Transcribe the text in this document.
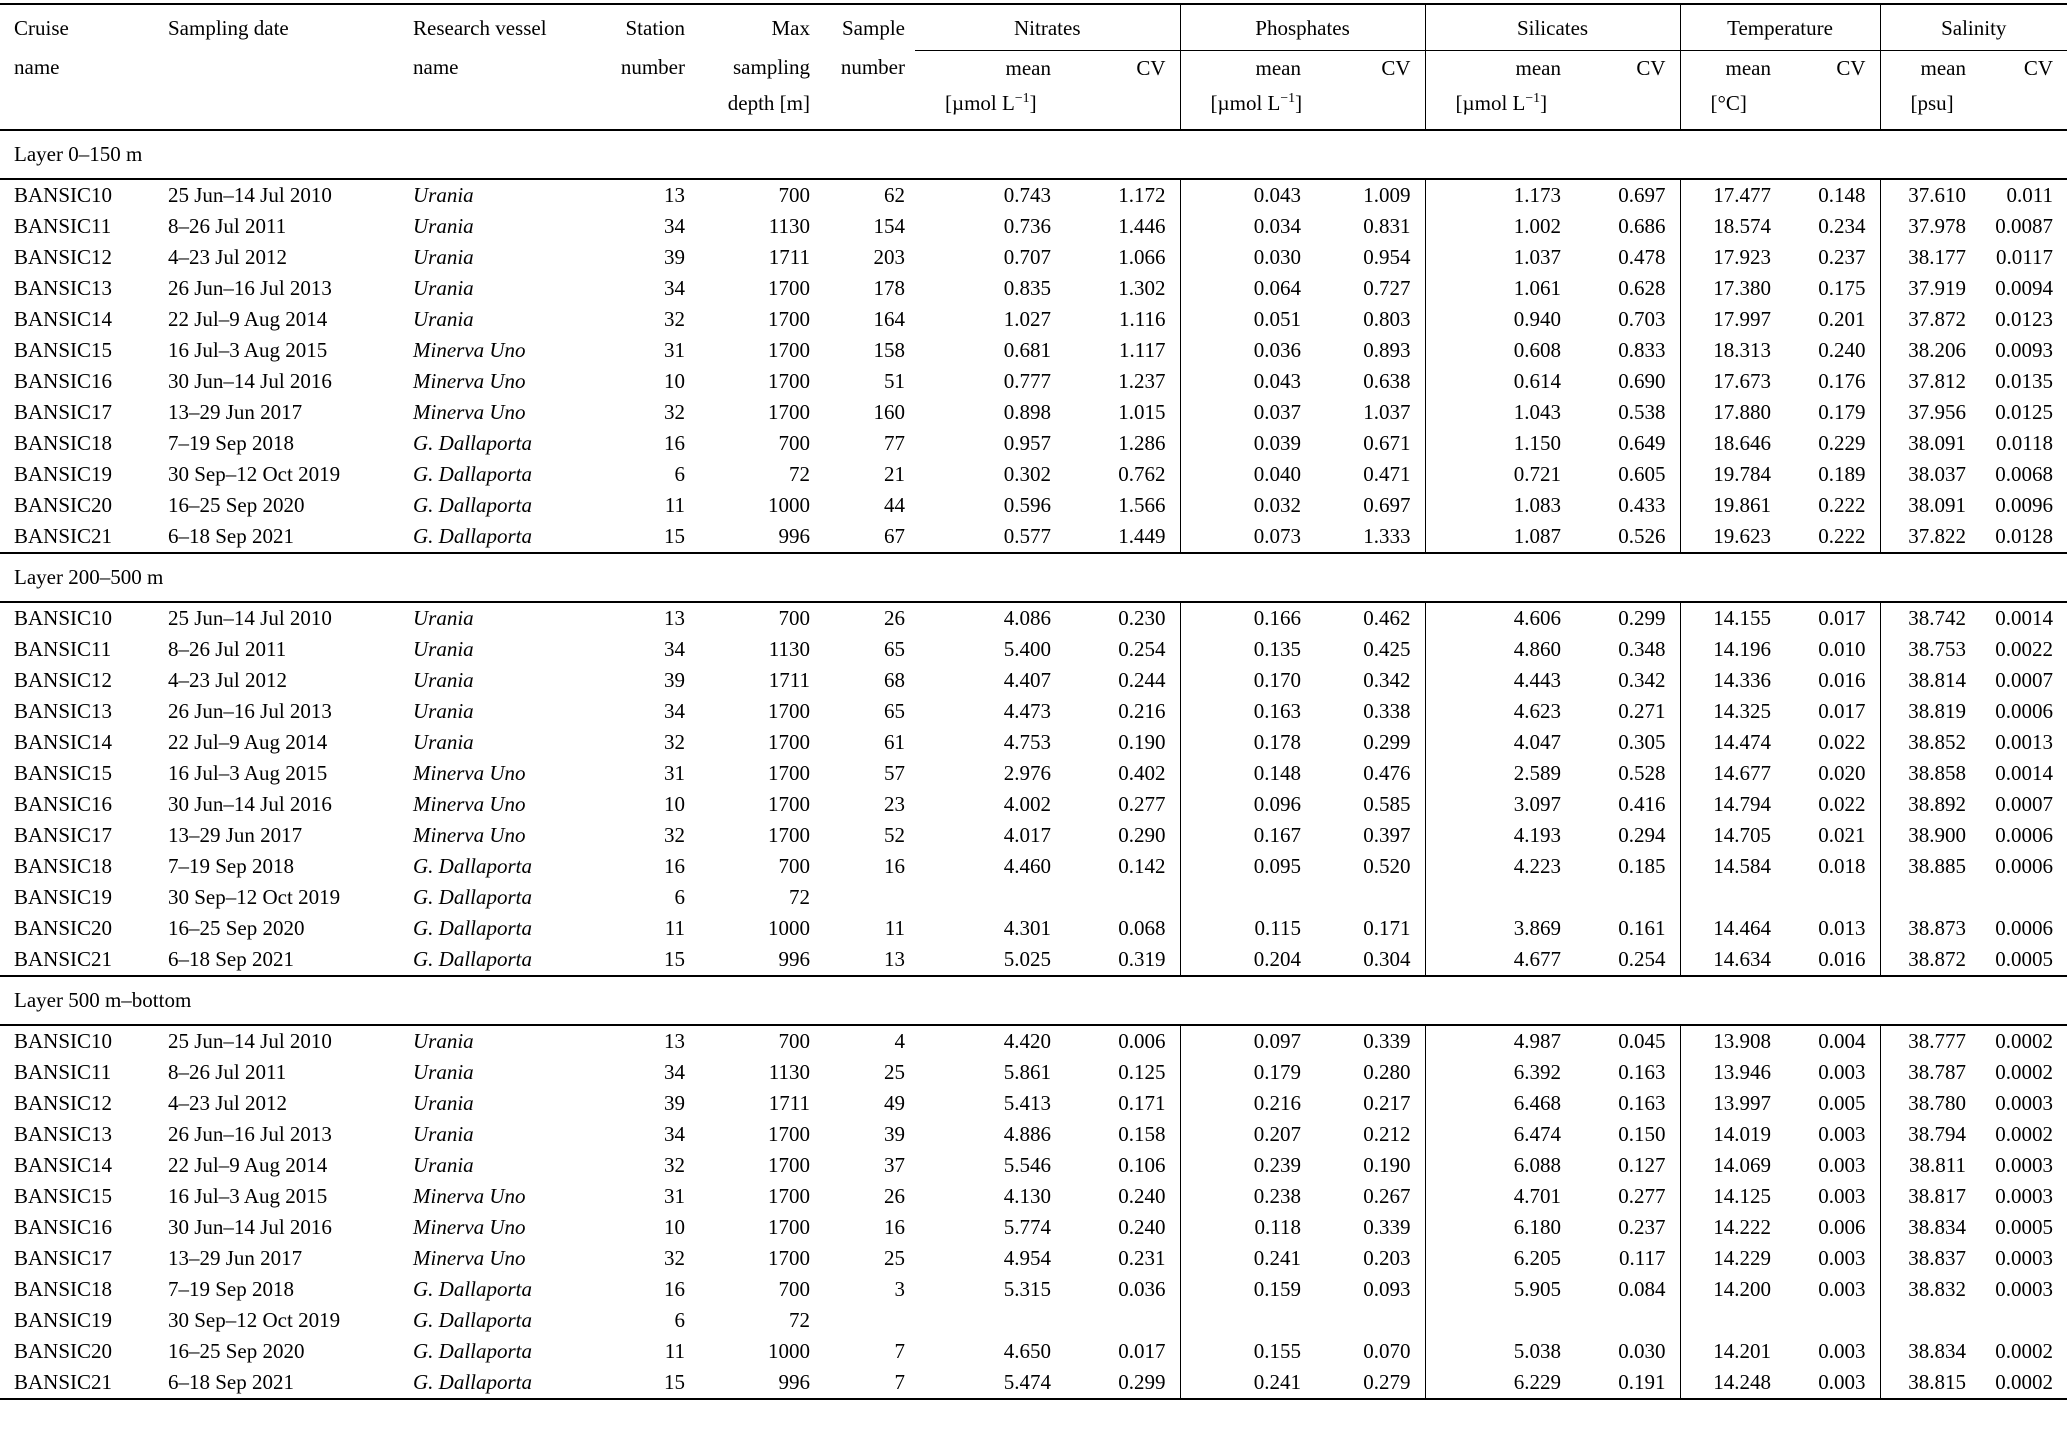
Cruise	Sampling date	Research vessel	Station	Max	Sample	Nitrates		Phosphates		Silicates		Temperature		Salinity	
name		name	number	sampling	number	mean	CV	mean	CV	mean	CV	mean	CV	mean	CV
				depth [m]		[µmol $L^{-1}$]		[µmol $L^{-1}$]		[µmol $L^{-1}$]		[°C]		[psu]	
Layer 0–150 m															
BANSIC10	25 Jun–14 Jul 2010	Urania	13	700	62	0.743	1.172	0.043	1.009	1.173	0.697	17.477	0.148	37.610	0.011
BANSIC11	8–26 Jul 2011	Urania	34	1130	154	0.736	1.446	0.034	0.831	1.002	0.686	18.574	0.234	37.978	0.0087
BANSIC12	4–23 Jul 2012	Urania	39	1711	203	0.707	1.066	0.030	0.954	1.037	0.478	17.923	0.237	38.177	0.0117
BANSIC13	26 Jun–16 Jul 2013	Urania	34	1700	178	0.835	1.302	0.064	0.727	1.061	0.628	17.380	0.175	37.919	0.0094
BANSIC14	22 Jul–9 Aug 2014	Urania	32	1700	164	1.027	1.116	0.051	0.803	0.940	0.703	17.997	0.201	37.872	0.0123
BANSIC15	16 Jul–3 Aug 2015	Minerva Uno	31	1700	158	0.681	1.117	0.036	0.893	0.608	0.833	18.313	0.240	38.206	0.0093
BANSIC16	30 Jun–14 Jul 2016	Minerva Uno	10	1700	51	0.777	1.237	0.043	0.638	0.614	0.690	17.673	0.176	37.812	0.0135
BANSIC17	13–29 Jun 2017	Minerva Uno	32	1700	160	0.898	1.015	0.037	1.037	1.043	0.538	17.880	0.179	37.956	0.0125
BANSIC18	7–19 Sep 2018	G. Dallaporta	16	700	77	0.957	1.286	0.039	0.671	1.150	0.649	18.646	0.229	38.091	0.0118
BANSIC19	30 Sep–12 Oct 2019	G. Dallaporta	6	72	21	0.302	0.762	0.040	0.471	0.721	0.605	19.784	0.189	38.037	0.0068
BANSIC20	16–25 Sep 2020	G. Dallaporta	11	1000	44	0.596	1.566	0.032	0.697	1.083	0.433	19.861	0.222	38.091	0.0096
BANSIC21	6–18 Sep 2021	G. Dallaporta	15	996	67	0.577	1.449	0.073	1.333	1.087	0.526	19.623	0.222	37.822	0.0128
Layer 200–500 m															
BANSIC10	25 Jun–14 Jul 2010	Urania	13	700	26	4.086	0.230	0.166	0.462	4.606	0.299	14.155	0.017	38.742	0.0014
BANSIC11	8–26 Jul 2011	Urania	34	1130	65	5.400	0.254	0.135	0.425	4.860	0.348	14.196	0.010	38.753	0.0022
BANSIC12	4–23 Jul 2012	Urania	39	1711	68	4.407	0.244	0.170	0.342	4.443	0.342	14.336	0.016	38.814	0.0007
BANSIC13	26 Jun–16 Jul 2013	Urania	34	1700	65	4.473	0.216	0.163	0.338	4.623	0.271	14.325	0.017	38.819	0.0006
BANSIC14	22 Jul–9 Aug 2014	Urania	32	1700	61	4.753	0.190	0.178	0.299	4.047	0.305	14.474	0.022	38.852	0.0013
BANSIC15	16 Jul–3 Aug 2015	Minerva Uno	31	1700	57	2.976	0.402	0.148	0.476	2.589	0.528	14.677	0.020	38.858	0.0014
BANSIC16	30 Jun–14 Jul 2016	Minerva Uno	10	1700	23	4.002	0.277	0.096	0.585	3.097	0.416	14.794	0.022	38.892	0.0007
BANSIC17	13–29 Jun 2017	Minerva Uno	32	1700	52	4.017	0.290	0.167	0.397	4.193	0.294	14.705	0.021	38.900	0.0006
BANSIC18	7–19 Sep 2018	G. Dallaporta	16	700	16	4.460	0.142	0.095	0.520	4.223	0.185	14.584	0.018	38.885	0.0006
BANSIC19	30 Sep–12 Oct 2019	G. Dallaporta	6	72											
BANSIC20	16–25 Sep 2020	G. Dallaporta	11	1000	11	4.301	0.068	0.115	0.171	3.869	0.161	14.464	0.013	38.873	0.0006
BANSIC21	6–18 Sep 2021	G. Dallaporta	15	996	13	5.025	0.319	0.204	0.304	4.677	0.254	14.634	0.016	38.872	0.0005
Layer 500 m–bottom															
BANSIC10	25 Jun–14 Jul 2010	Urania	13	700	4	4.420	0.006	0.097	0.339	4.987	0.045	13.908	0.004	38.777	0.0002
BANSIC11	8–26 Jul 2011	Urania	34	1130	25	5.861	0.125	0.179	0.280	6.392	0.163	13.946	0.003	38.787	0.0002
BANSIC12	4–23 Jul 2012	Urania	39	1711	49	5.413	0.171	0.216	0.217	6.468	0.163	13.997	0.005	38.780	0.0003
BANSIC13	26 Jun–16 Jul 2013	Urania	34	1700	39	4.886	0.158	0.207	0.212	6.474	0.150	14.019	0.003	38.794	0.0002
BANSIC14	22 Jul–9 Aug 2014	Urania	32	1700	37	5.546	0.106	0.239	0.190	6.088	0.127	14.069	0.003	38.811	0.0003
BANSIC15	16 Jul–3 Aug 2015	Minerva Uno	31	1700	26	4.130	0.240	0.238	0.267	4.701	0.277	14.125	0.003	38.817	0.0003
BANSIC16	30 Jun–14 Jul 2016	Minerva Uno	10	1700	16	5.774	0.240	0.118	0.339	6.180	0.237	14.222	0.006	38.834	0.0005
BANSIC17	13–29 Jun 2017	Minerva Uno	32	1700	25	4.954	0.231	0.241	0.203	6.205	0.117	14.229	0.003	38.837	0.0003
BANSIC18	7–19 Sep 2018	G. Dallaporta	16	700	3	5.315	0.036	0.159	0.093	5.905	0.084	14.200	0.003	38.832	0.0003
BANSIC19	30 Sep–12 Oct 2019	G. Dallaporta	6	72											
BANSIC20	16–25 Sep 2020	G. Dallaporta	11	1000	7	4.650	0.017	0.155	0.070	5.038	0.030	14.201	0.003	38.834	0.0002
BANSIC21	6–18 Sep 2021	G. Dallaporta	15	996	7	5.474	0.299	0.241	0.279	6.229	0.191	14.248	0.003	38.815	0.0002
